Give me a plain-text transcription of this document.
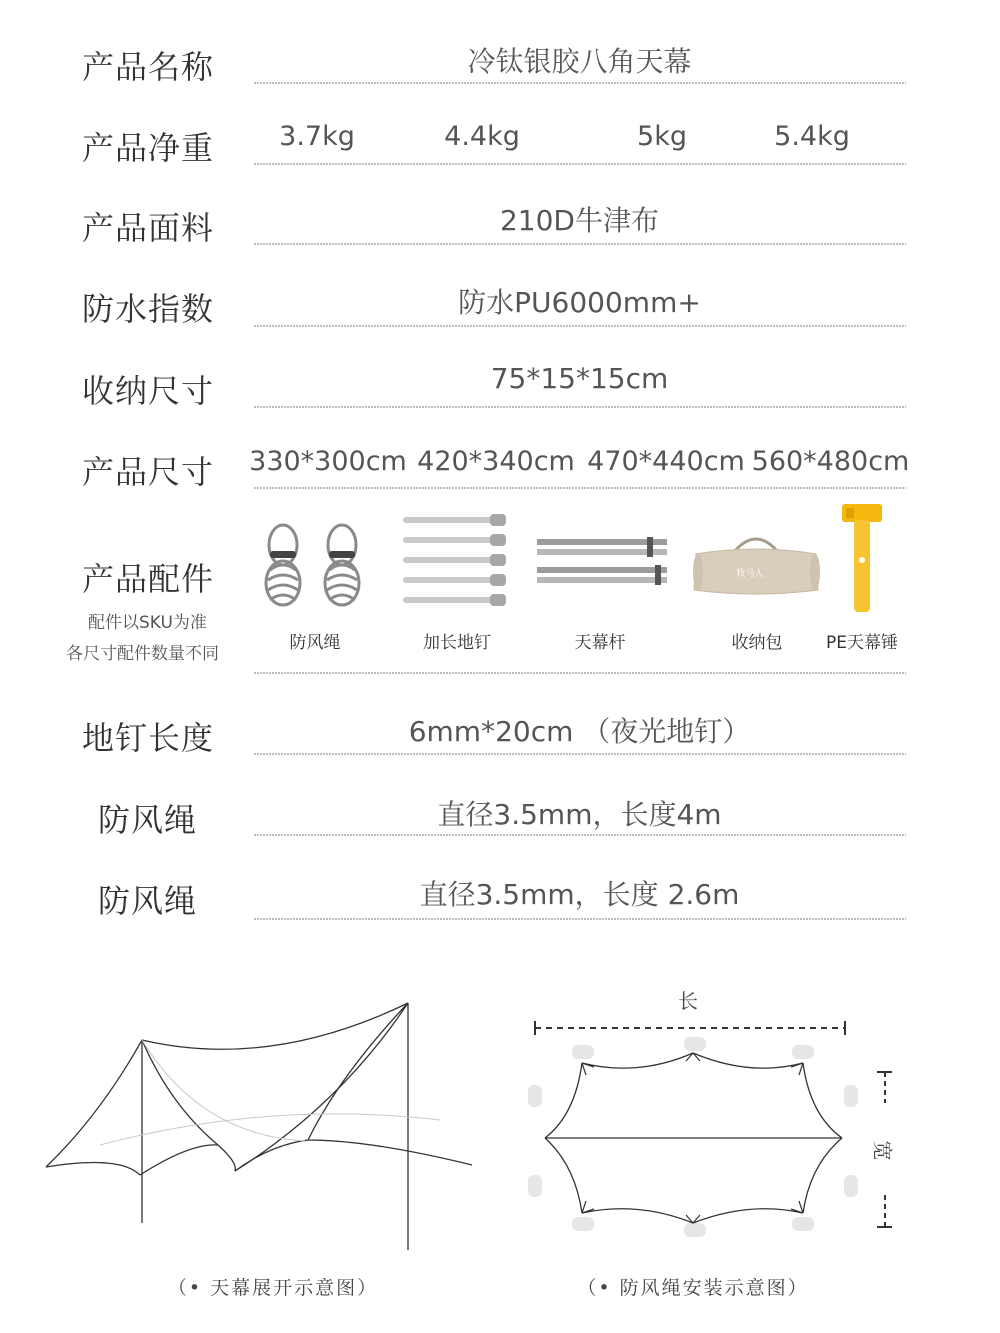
产品名称	冷钛银胶八角天幕
产品净重	3.7kg	4.4kg	5kg	5.4kg
产品面料	210D牛津布
防水指数	防水PU6000mm+
收纳尺寸	75*15*15cm
产品尺寸 330*300cm 420*340cm 470*440cm 560*480cm
产品配件
配件以SKU为准
各尺寸配件数量不同
牧马人
防风绳	加长地钉	天幕杆	收纳包	PE天幕锤
地钉长度	6mm*20cm （夜光地钉）
防风绳	直径3.5mm，长度4m
防风绳	直径3.5mm，长度 2.6m
长
宽
（• 天幕展开示意图）	（• 防风绳安装示意图）
